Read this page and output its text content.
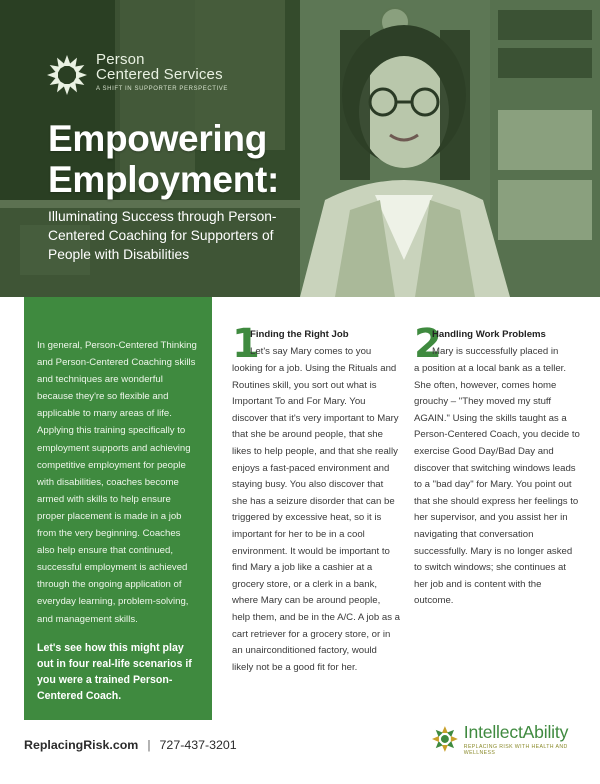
Person
Centered Services
A SHIFT IN SUPPORTER PERSPECTIVE
Empowering
Employment:

Illuminating Success through Person-Centered Coaching for Supporters of People with Disabilities

In general, Person-Centered Thinking and Person-Centered Coaching skills and techniques are wonderful because they're so flexible and applicable to many areas of life. Applying this training specifically to employment supports and achieving competitive employment for people with disabilities, coaches become armed with skills to help ensure proper placement is made in a job from the very beginning. Coaches also help ensure that continued, successful employment is achieved through the ongoing application of everyday learning, problem-solving, and management skills.

Let's see how this might play out in four real-life scenarios if you were a trained Person-Centered Coach.

1
Finding the Right Job
Let's say Mary comes to you

looking for a job. Using the Rituals and Routines skill, you sort out what is Important To and For Mary. You discover that it's very important to Mary that she be around people, that she likes to help people, and that she really enjoys a fast-paced environment and staying busy. You also discover that she has a seizure disorder that can be triggered by excessive heat, so it is important for her to be in a cool environment. It would be important to find Mary a job like a cashier at a grocery store, or a clerk in a bank, where Mary can be around people, help them, and be in the A/C. A job as a cart retriever for a grocery store, or in an unairconditioned factory, would likely not be a good fit for her.

2
Handling Work Problems
Mary is successfully placed in

a position at a local bank as a teller. She often, however, comes home grouchy – "They moved my stuff AGAIN." Using the skills taught as a Person-Centered Coach, you decide to exercise Good Day/Bad Day and discover that switching windows leads to a "bad day" for Mary. You point out that she should express her feelings to her supervisor, and you assist her in navigating that conversation successfully. Mary is no longer asked to switch windows; she continues at her job and is content with the outcome.

ReplacingRisk.com | 727-437-3201
IntellectAbility
REPLACING RISK WITH HEALTH AND WELLNESS
